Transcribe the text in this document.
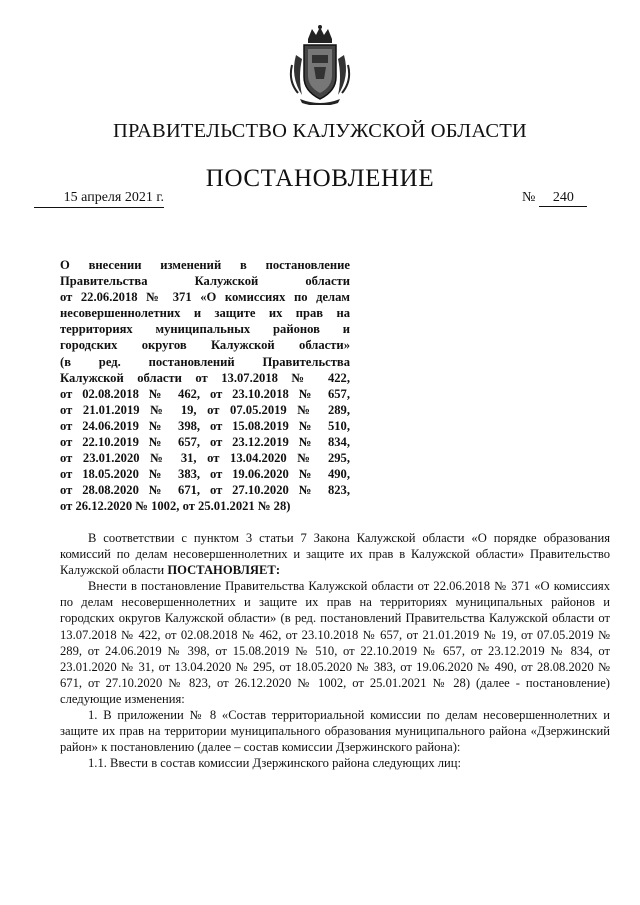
ПРАВИТЕЛЬСТВО КАЛУЖСКОЙ ОБЛАСТИ
ПОСТАНОВЛЕНИЕ
15 апреля 2021 г.	№ 240
О внесении изменений в постановление
Правительства Калужской области
от 22.06.2018 № 371 «О комиссиях по делам
несовершеннолетних и защите их прав на
территориях муниципальных районов и
городских округов Калужской области»
(в ред. постановлений Правительства
Калужской области от 13.07.2018 № 422,
от 02.08.2018 № 462, от 23.10.2018 № 657,
от 21.01.2019 № 19, от 07.05.2019 № 289,
от 24.06.2019 № 398, от 15.08.2019 № 510,
от 22.10.2019 № 657, от 23.12.2019 № 834,
от 23.01.2020 № 31, от 13.04.2020 № 295,
от 18.05.2020 № 383, от 19.06.2020 № 490,
от 28.08.2020 № 671, от 27.10.2020 № 823,
от 26.12.2020 № 1002, от 25.01.2021 № 28)

В соответствии с пунктом 3 статьи 7 Закона Калужской области «О порядке образования комиссий по делам несовершеннолетних и защите их прав в Калужской области» Правительство Калужской области ПОСТАНОВЛЯЕТ:

Внести в постановление Правительства Калужской области от 22.06.2018 № 371 «О комиссиях по делам несовершеннолетних и защите их прав на территориях муниципальных районов и городских округов Калужской области» (в ред. постановлений Правительства Калужской области от 13.07.2018 № 422, от 02.08.2018 № 462, от 23.10.2018 № 657, от 21.01.2019 № 19, от 07.05.2019 № 289, от 24.06.2019 № 398, от 15.08.2019 № 510, от 22.10.2019 № 657, от 23.12.2019 № 834, от 23.01.2020 № 31, от 13.04.2020 № 295, от 18.05.2020 № 383, от 19.06.2020 № 490, от 28.08.2020 № 671, от 27.10.2020 № 823, от 26.12.2020 № 1002, от 25.01.2021 № 28) (далее - постановление) следующие изменения:

1. В приложении № 8 «Состав территориальной комиссии по делам несовершеннолетних и защите их прав на территории муниципального образования муниципального района «Дзержинский район» к постановлению (далее – состав комиссии Дзержинского района):

1.1. Ввести в состав комиссии Дзержинского района следующих лиц:
